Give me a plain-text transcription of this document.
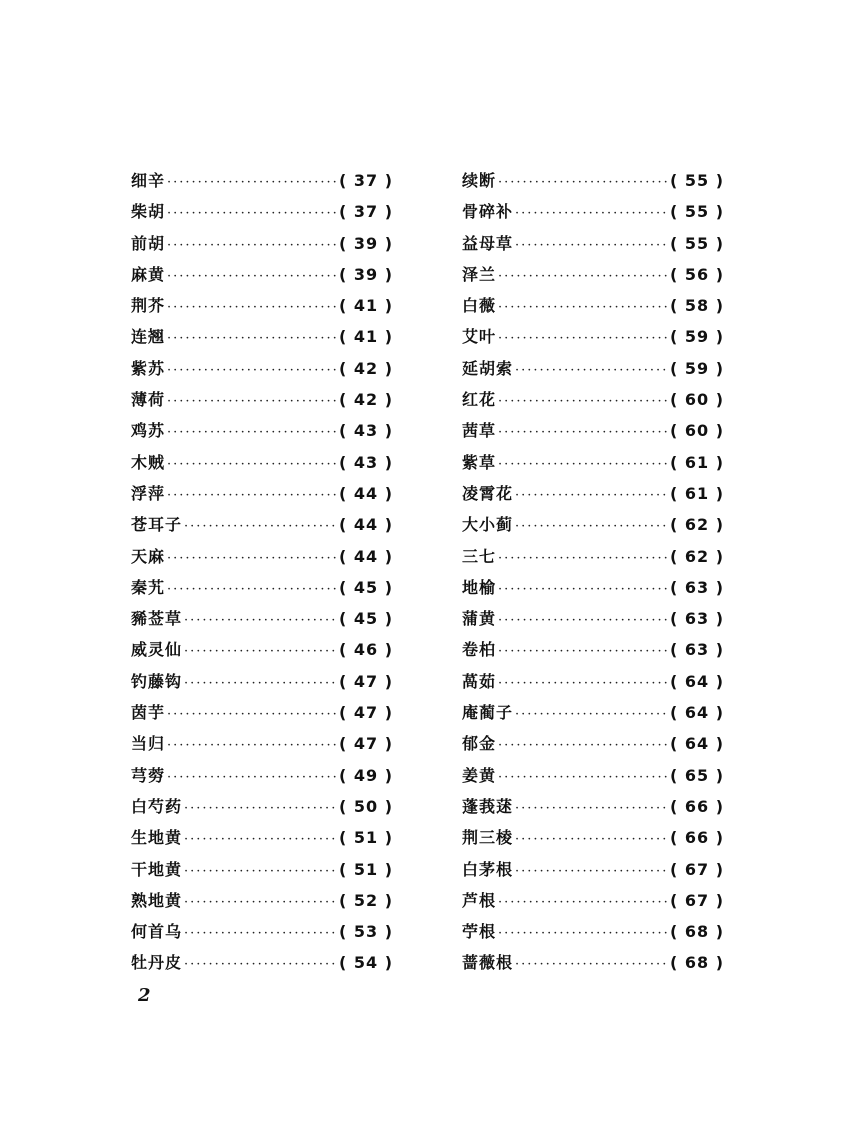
细辛 ·····	( 37 )
柴胡 ·····	( 37 )
前胡 ·····	( 39 )
麻黄 ·····	( 39 )
荆芥 ·····	( 41 )
连翘 ·····	( 41 )
紫苏 ·····	( 42 )
薄荷 ·····	( 42 )
鸡苏 ·····	( 43 )
木贼 ·····	( 43 )
浮萍 ·····	( 44 )
苍耳子 ·····	( 44 )
天麻 ·····	( 44 )
秦艽 ·····	( 45 )
豨莶草 ·····	( 45 )
威灵仙 ·····	( 46 )
钓藤钩 ·····	( 47 )
茵芋 ·····	( 47 )
当归 ·····	( 47 )
芎䓖 ·····	( 49 )
白芍药 ·····	( 50 )
生地黄 ·····	( 51 )
干地黄 ·····	( 51 )
熟地黄 ·····	( 52 )
何首乌 ·····	( 53 )
牡丹皮 ·····	( 54 )
续断 ·····	( 55 )
骨碎补 ·····	( 55 )
益母草 ·····	( 55 )
泽兰 ·····	( 56 )
白薇 ·····	( 58 )
艾叶 ·····	( 59 )
延胡索 ·····	( 59 )
红花 ·····	( 60 )
茜草 ·····	( 60 )
紫草 ·····	( 61 )
凌霄花 ·····	( 61 )
大小蓟 ·····	( 62 )
三七 ·····	( 62 )
地榆 ·····	( 63 )
蒲黄 ·····	( 63 )
卷柏 ·····	( 63 )
萵茹 ·····	( 64 )
庵蔺子 ·····	( 64 )
郁金 ·····	( 64 )
姜黄 ·····	( 65 )
蓬莪蒁 ·····	( 66 )
荆三棱 ·····	( 66 )
白茅根 ·····	( 67 )
芦根 ·····	( 67 )
苧根 ·····	( 68 )
蔷薇根 ·····	( 68 )
2
